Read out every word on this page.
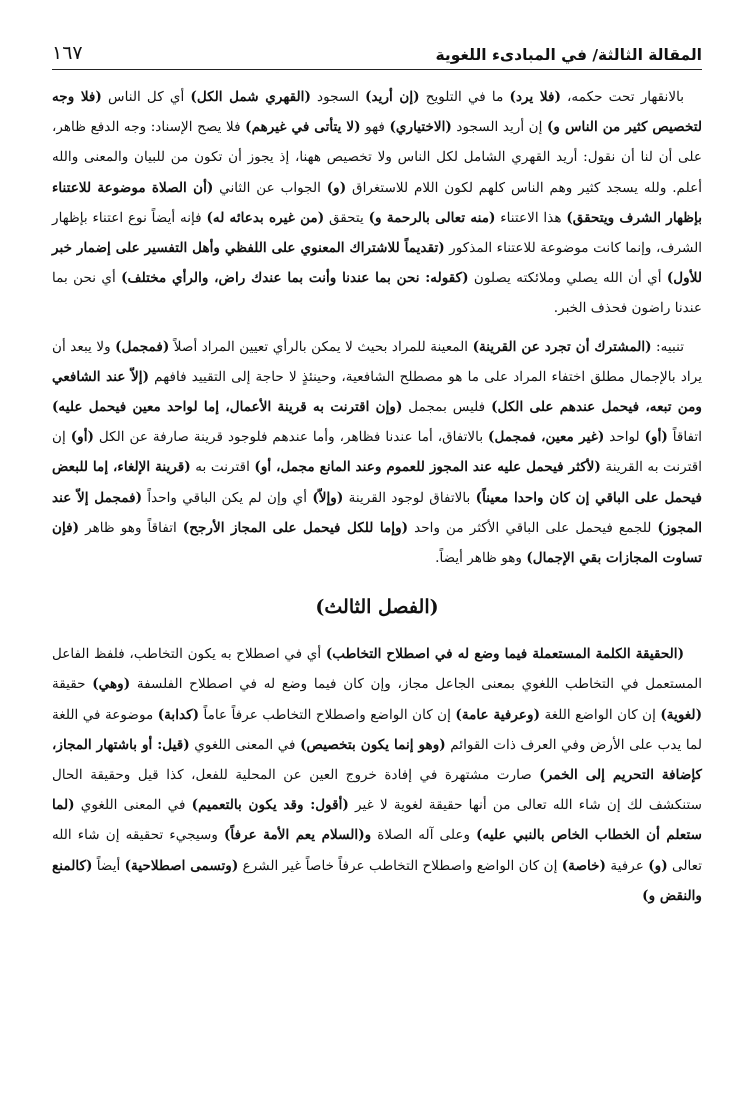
المقالة الثالثة/ في المبادىء اللغوية
١٦٧

بالانقهار تحت حكمه، (فلا يرد) ما في التلويح (إن أريد) السجود (القهري شمل الكل) أي كل الناس (فلا وجه لتخصيص كثير من الناس و) إن أريد السجود (الاختياري) فهو (لا يتأتى في غيرهم) فلا يصح الإسناد: وجه الدفع ظاهر، على أن لنا أن نقول: أريد القهري الشامل لكل الناس ولا تخصيص ههنا، إذ يجوز أن تكون من للبيان والمعنى والله أعلم. ولله يسجد كثير وهم الناس كلهم لكون اللام للاستغراق (و) الجواب عن الثاني (أن الصلاة موضوعة للاعتناء بإظهار الشرف ويتحقق) هذا الاعتناء (منه تعالى بالرحمة و) يتحقق (من غيره بدعائه له) فإنه أيضاً نوع اعتناء بإظهار الشرف، وإنما كانت موضوعة للاعتناء المذكور (تقديماً للاشتراك المعنوي على اللفظي وأهل التفسير على إضمار خبر للأول) أي أن الله يصلي وملائكته يصلون (كقوله: نحن بما عندنا وأنت بما عندك راض، والرأي مختلف) أي نحن بما عندنا راضون فحذف الخبر.

تنبيه: (المشترك أن تجرد عن القرينة) المعينة للمراد بحيث لا يمكن بالرأي تعيين المراد أصلاً (فمجمل) ولا يبعد أن يراد بالإجمال مطلق اختفاء المراد على ما هو مصطلح الشافعية، وحينئذٍ لا حاجة إلى التقييد فافهم (إلاّ عند الشافعي ومن تبعه، فيحمل عندهم على الكل) فليس بمجمل (وإن اقترنت به قرينة الأعمال، إما لواحد معين فيحمل عليه) اتفاقاً (أو) لواحد (غير معين، فمجمل) بالاتفاق، أما عندنا فظاهر، وأما عندهم فلوجود قرينة صارفة عن الكل (أو) إن اقترنت به القرينة (لأكثر فيحمل عليه عند المجوز للعموم وعند المانع مجمل، أو) اقترنت به (قرينة الإلغاء، إما للبعض فيحمل على الباقي إن كان واحدا معيناً) بالاتفاق لوجود القرينة (وإلاّ) أي وإن لم يكن الباقي واحداً (فمجمل إلاّ عند المجوز) للجمع فيحمل على الباقي الأكثر من واحد (وإما للكل فيحمل على المجاز الأرجح) اتفاقاً وهو ظاهر (فإن تساوت المجازات بقي الإجمال) وهو ظاهر أيضاً.

(الفصل الثالث)

(الحقيقة الكلمة المستعملة فيما وضع له في اصطلاح التخاطب) أي في اصطلاح به يكون التخاطب، فلفظ الفاعل المستعمل في التخاطب اللغوي بمعنى الجاعل مجاز، وإن كان فيما وضع له في اصطلاح الفلسفة (وهي) حقيقة (لغوية) إن كان الواضع اللغة (وعرفية عامة) إن كان الواضع واصطلاح التخاطب عرفاً عاماً (كدابة) موضوعة في اللغة لما يدب على الأرض وفي العرف ذات القوائم (وهو إنما يكون بتخصيص) في المعنى اللغوي (قيل: أو باشتهار المجاز، كإضافة التحريم إلى الخمر) صارت مشتهرة في إفادة خروج العين عن المحلية للفعل، كذا قيل وحقيقة الحال ستنكشف لك إن شاء الله تعالى من أنها حقيقة لغوية لا غير (أقول: وقد يكون بالتعميم) في المعنى اللغوي (لما ستعلم أن الخطاب الخاص بالنبي عليه) وعلى آله الصلاة و(السلام يعم الأمة عرفاً) وسيجيء تحقيقه إن شاء الله تعالى (و) عرفية (خاصة) إن كان الواضع واصطلاح التخاطب عرفاً خاصاً غير الشرع (وتسمى اصطلاحية) أيضاً (كالمنع والنقض و)
